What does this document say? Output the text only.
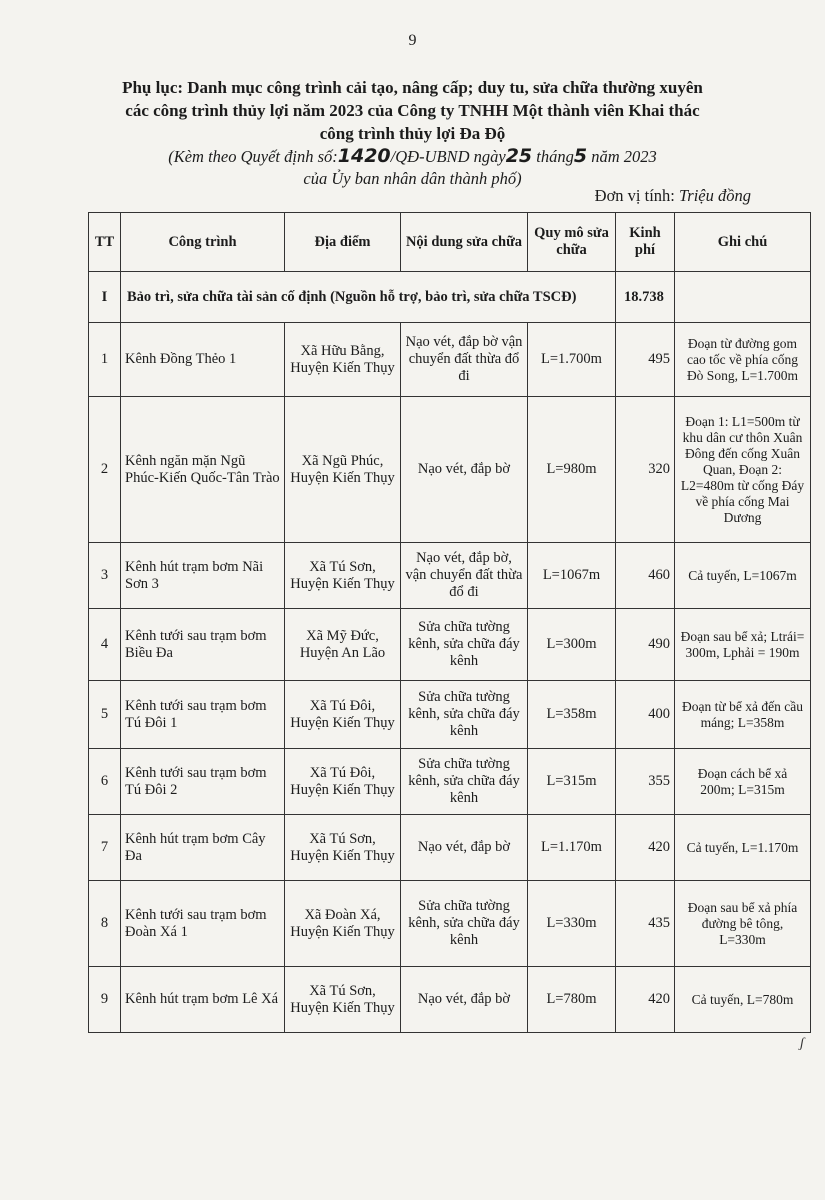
9
Phụ lục: Danh mục công trình cải tạo, nâng cấp; duy tu, sửa chữa thường xuyên
các công trình thủy lợi năm 2023 của Công ty TNHH Một thành viên Khai thác
công trình thủy lợi Đa Độ
(Kèm theo Quyết định số:1420/QĐ-UBND ngày25 tháng5 năm 2023
của Ủy ban nhân dân thành phố)
Đơn vị tính: Triệu đồng
TT	Công trình	Địa điểm	Nội dung sửa chữa	Quy mô sửa chữa	Kinh phí	Ghi chú
I	Bảo trì, sửa chữa tài sản cố định (Nguồn hỗ trợ, bảo trì, sửa chữa TSCĐ)				18.738	
1	Kênh Đồng Thẻo 1	Xã Hữu Bằng, Huyện Kiến Thụy	Nạo vét, đắp bờ vận chuyển đất thừa đổ đi	L=1.700m	495	Đoạn từ đường gom cao tốc về phía cống Đò Song, L=1.700m
2	Kênh ngăn mặn Ngũ Phúc-Kiến Quốc-Tân Trào	Xã Ngũ Phúc, Huyện Kiến Thụy	Nạo vét, đắp bờ	L=980m	320	Đoạn 1: L1=500m từ khu dân cư thôn Xuân Đông đến cống Xuân Quan, Đoạn 2: L2=480m từ cống Đáy về phía cống Mai Dương
3	Kênh hút trạm bơm Nãi Sơn 3	Xã Tú Sơn, Huyện Kiến Thụy	Nạo vét, đắp bờ, vận chuyển đất thừa đổ đi	L=1067m	460	Cả tuyến, L=1067m
4	Kênh tưới sau trạm bơm Biều Đa	Xã Mỹ Đức, Huyện An Lão	Sửa chữa tường kênh, sửa chữa đáy kênh	L=300m	490	Đoạn sau bể xả; Ltrái= 300m, Lphải = 190m
5	Kênh tưới sau trạm bơm Tú Đôi 1	Xã Tú Đôi, Huyện Kiến Thụy	Sửa chữa tường kênh, sửa chữa đáy kênh	L=358m	400	Đoạn từ bể xả đến cầu máng; L=358m
6	Kênh tưới sau trạm bơm Tú Đôi 2	Xã Tú Đôi, Huyện Kiến Thụy	Sửa chữa tường kênh, sửa chữa đáy kênh	L=315m	355	Đoạn cách bể xả 200m; L=315m
7	Kênh hút trạm bơm Cây Đa	Xã Tú Sơn, Huyện Kiến Thụy	Nạo vét, đắp bờ	L=1.170m	420	Cả tuyến, L=1.170m
8	Kênh tưới sau trạm bơm Đoàn Xá 1	Xã Đoàn Xá, Huyện Kiến Thụy	Sửa chữa tường kênh, sửa chữa đáy kênh	L=330m	435	Đoạn sau bể xả phía đường bê tông, L=330m
9	Kênh hút trạm bơm Lê Xá	Xã Tú Sơn, Huyện Kiến Thụy	Nạo vét, đắp bờ	L=780m	420	Cả tuyến, L=780m
ʃ
